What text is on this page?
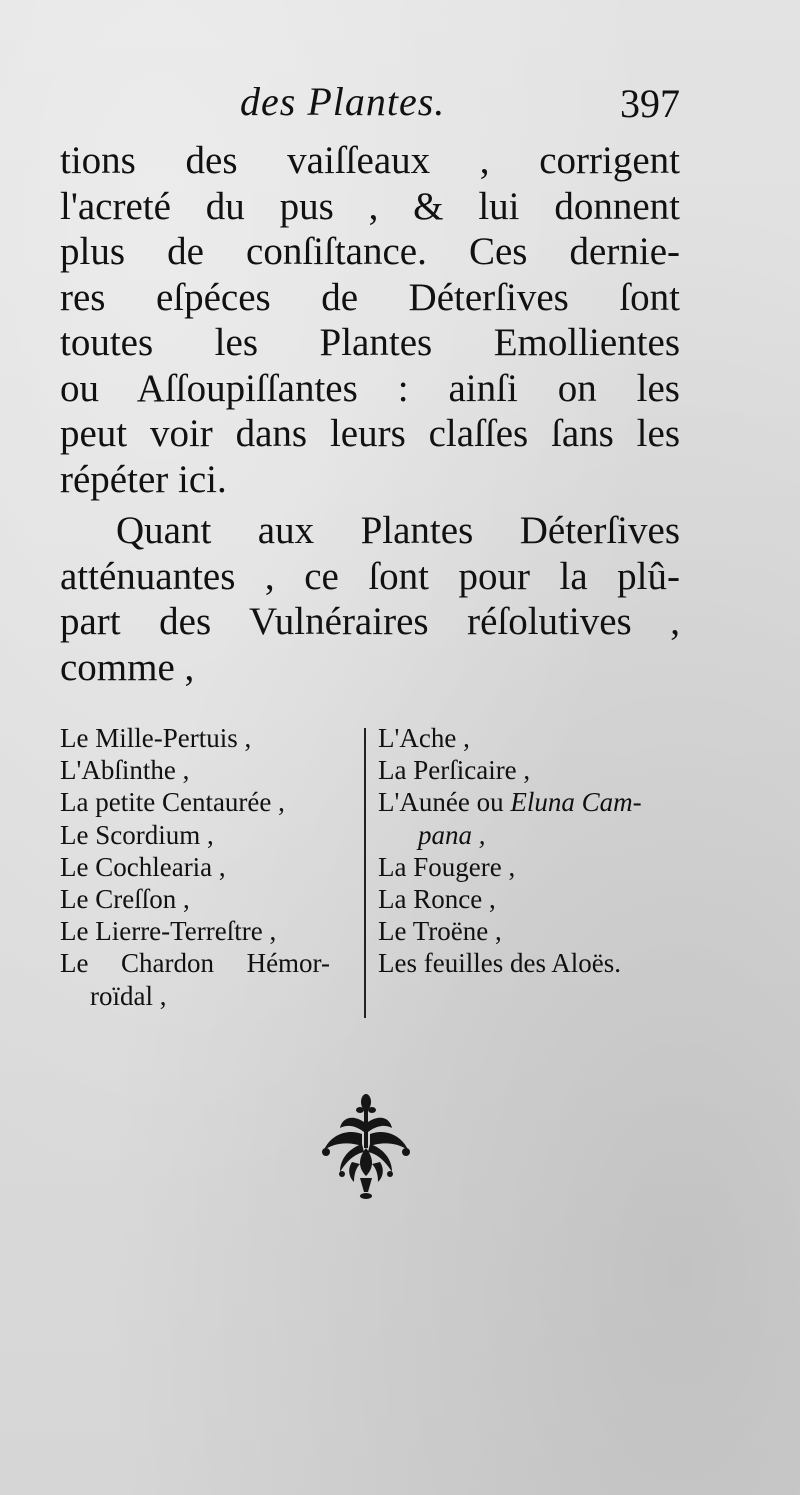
des Plantes.	397
tions des vaiſſeaux , corrigent
l'acreté du pus , & lui donnent
plus de conſiſtance. Ces dernie-
res eſpéces de Déterſives ſont
toutes les Plantes Emollientes
ou Aſſoupiſſantes : ainſi on les
peut voir dans leurs claſſes ſans les
répéter ici.
Quant aux Plantes Déterſives
atténuantes , ce ſont pour la plû-
part des Vulnéraires réſolutives ,
comme ,
Le Mille-Pertuis ,
L'Abſinthe ,
La petite Centaurée ,
Le Scordium ,
Le Cochlearia ,
Le Creſſon ,
Le Lierre-Terreſtre ,
Le Chardon Hémor-
roïdal ,
L'Ache ,
La Perſicaire ,
L'Aunée ou Eluna Cam-
pana ,
La Fougere ,
La Ronce ,
Le Troëne ,
Les feuilles des Aloës.
